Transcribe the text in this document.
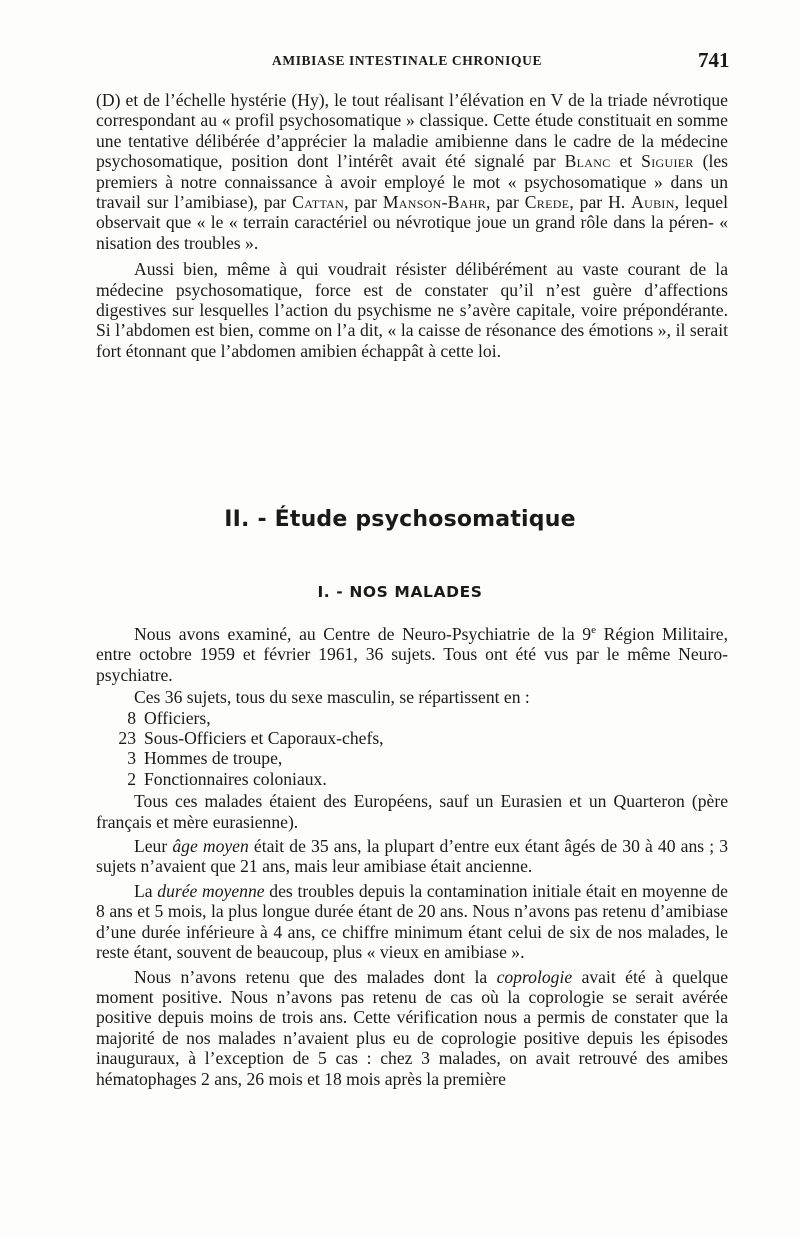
AMIBIASE INTESTINALE CHRONIQUE	741

(D) et de l’échelle hystérie (Hy), le tout réalisant l’élévation en V de la triade névrotique correspondant au « profil psychosomatique » classique. Cette étude constituait en somme une tentative délibérée d’apprécier la maladie amibienne dans le cadre de la médecine psychosomatique, position dont l’intérêt avait été signalé par Blanc et Siguier (les premiers à notre connaissance à avoir employé le mot « psychosomatique » dans un travail sur l’amibiase), par Cattan, par Manson-Bahr, par Crede, par H. Aubin, lequel observait que « le « terrain caractériel ou névrotique joue un grand rôle dans la péren- « nisation des troubles ».

Aussi bien, même à qui voudrait résister délibérément au vaste courant de la médecine psychosomatique, force est de constater qu’il n’est guère d’affections digestives sur lesquelles l’action du psychisme ne s’avère capitale, voire prépondérante. Si l’abdomen est bien, comme on l’a dit, « la caisse de résonance des émotions », il serait fort étonnant que l’abdomen amibien échappât à cette loi.

II. - Étude psychosomatique
I. - NOS MALADES

Nous avons examiné, au Centre de Neuro-Psychiatrie de la 9e Région Militaire, entre octobre 1959 et février 1961, 36 sujets. Tous ont été vus par le même Neuro-psychiatre.

Ces 36 sujets, tous du sexe masculin, se répartissent en :

8 Officiers,
23 Sous-Officiers et Caporaux-chefs,
3 Hommes de troupe,
2 Fonctionnaires coloniaux.

Tous ces malades étaient des Européens, sauf un Eurasien et un Quarteron (père français et mère eurasienne).

Leur âge moyen était de 35 ans, la plupart d’entre eux étant âgés de 30 à 40 ans ; 3 sujets n’avaient que 21 ans, mais leur amibiase était ancienne.

La durée moyenne des troubles depuis la contamination initiale était en moyenne de 8 ans et 5 mois, la plus longue durée étant de 20 ans. Nous n’avons pas retenu d’amibiase d’une durée inférieure à 4 ans, ce chiffre minimum étant celui de six de nos malades, le reste étant, souvent de beaucoup, plus « vieux en amibiase ».

Nous n’avons retenu que des malades dont la coprologie avait été à quelque moment positive. Nous n’avons pas retenu de cas où la coprologie se serait avérée positive depuis moins de trois ans. Cette vérification nous a permis de constater que la majorité de nos malades n’avaient plus eu de coprologie positive depuis les épisodes inauguraux, à l’exception de 5 cas : chez 3 malades, on avait retrouvé des amibes hématophages 2 ans, 26 mois et 18 mois après la première
